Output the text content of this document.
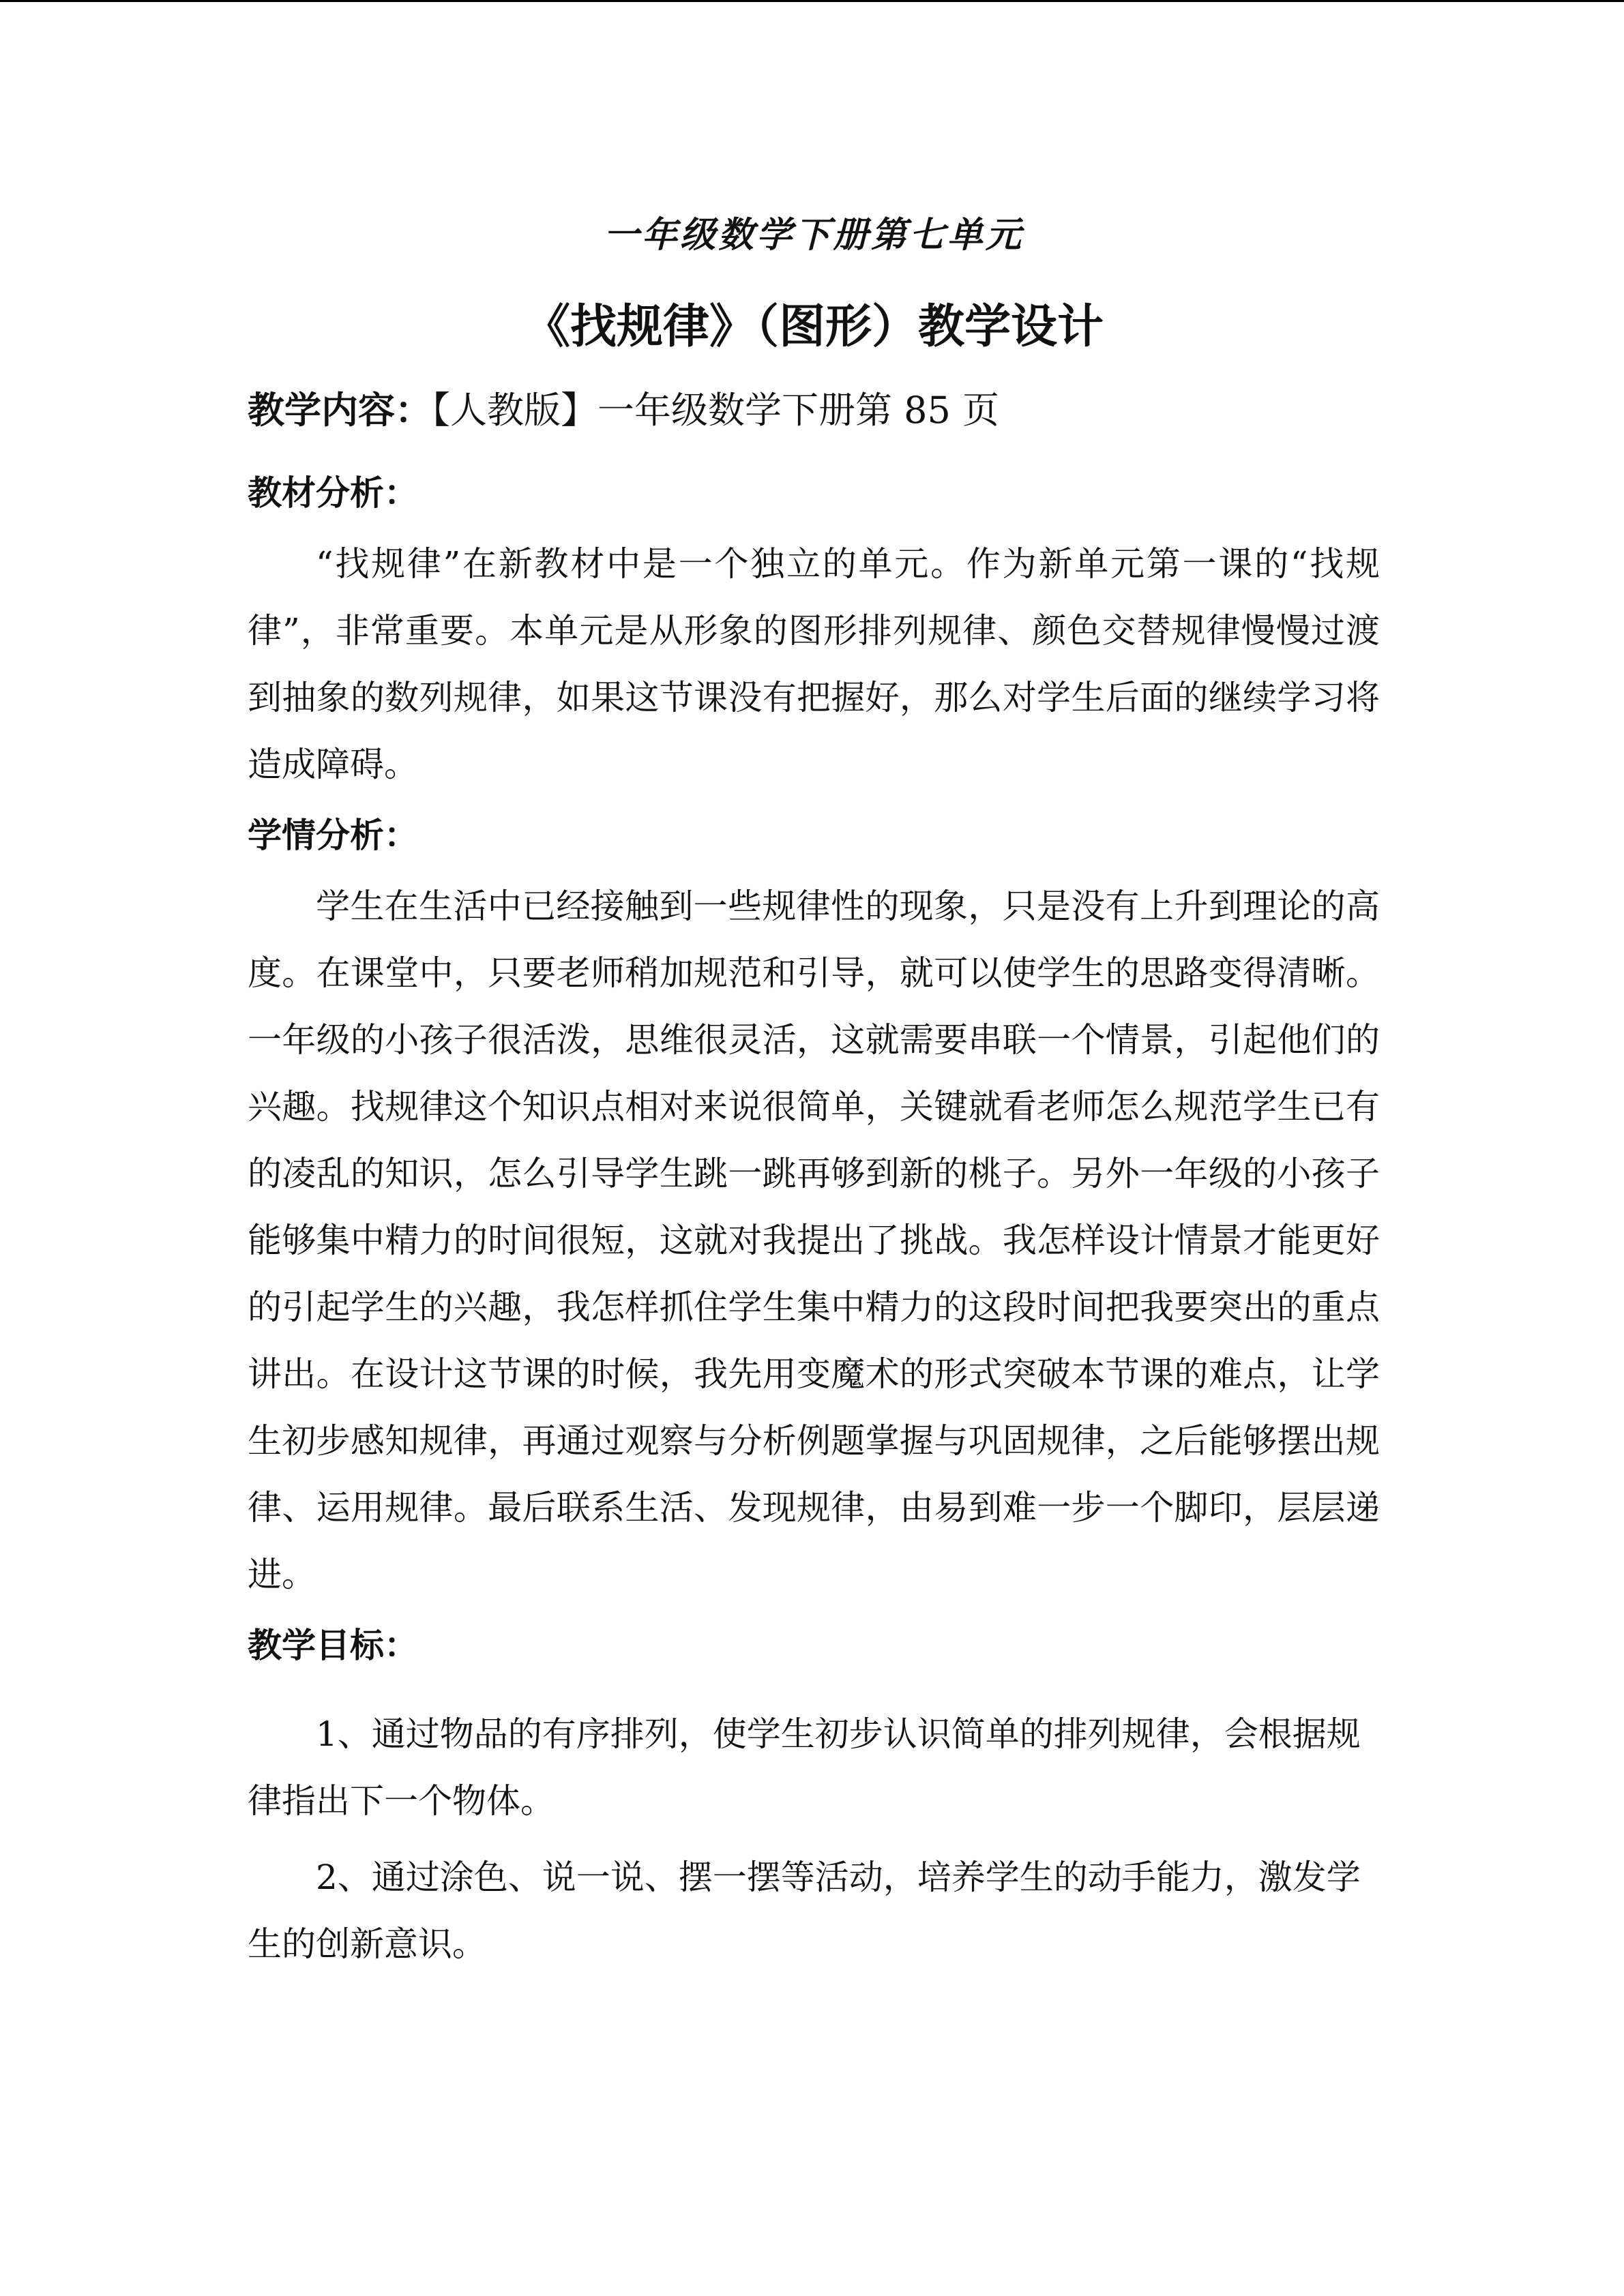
一年级数学下册第七单元
《找规律》（图形）教学设计
教学内容：【人教版】一年级数学下册第 85 页
教材分析：

“找规律”在新教材中是一个独立的单元。作为新单元第一课的“找规律”，非常重要。本单元是从形象的图形排列规律、颜色交替规律慢慢过渡到抽象的数列规律，如果这节课没有把握好，那么对学生后面的继续学习将造成障碍。

学情分析：

学生在生活中已经接触到一些规律性的现象，只是没有上升到理论的高度。在课堂中，只要老师稍加规范和引导，就可以使学生的思路变得清晰。一年级的小孩子很活泼，思维很灵活，这就需要串联一个情景，引起他们的兴趣。找规律这个知识点相对来说很简单，关键就看老师怎么规范学生已有的凌乱的知识，怎么引导学生跳一跳再够到新的桃子。另外一年级的小孩子能够集中精力的时间很短，这就对我提出了挑战。我怎样设计情景才能更好的引起学生的兴趣，我怎样抓住学生集中精力的这段时间把我要突出的重点讲出。在设计这节课的时候，我先用变魔术的形式突破本节课的难点，让学生初步感知规律，再通过观察与分析例题掌握与巩固规律，之后能够摆出规律、运用规律。最后联系生活、发现规律，由易到难一步一个脚印，层层递进。

教学目标：

1、通过物品的有序排列，使学生初步认识简单的排列规律，会根据规律指出下一个物体。

2、通过涂色、说一说、摆一摆等活动，培养学生的动手能力，激发学生的创新意识。
